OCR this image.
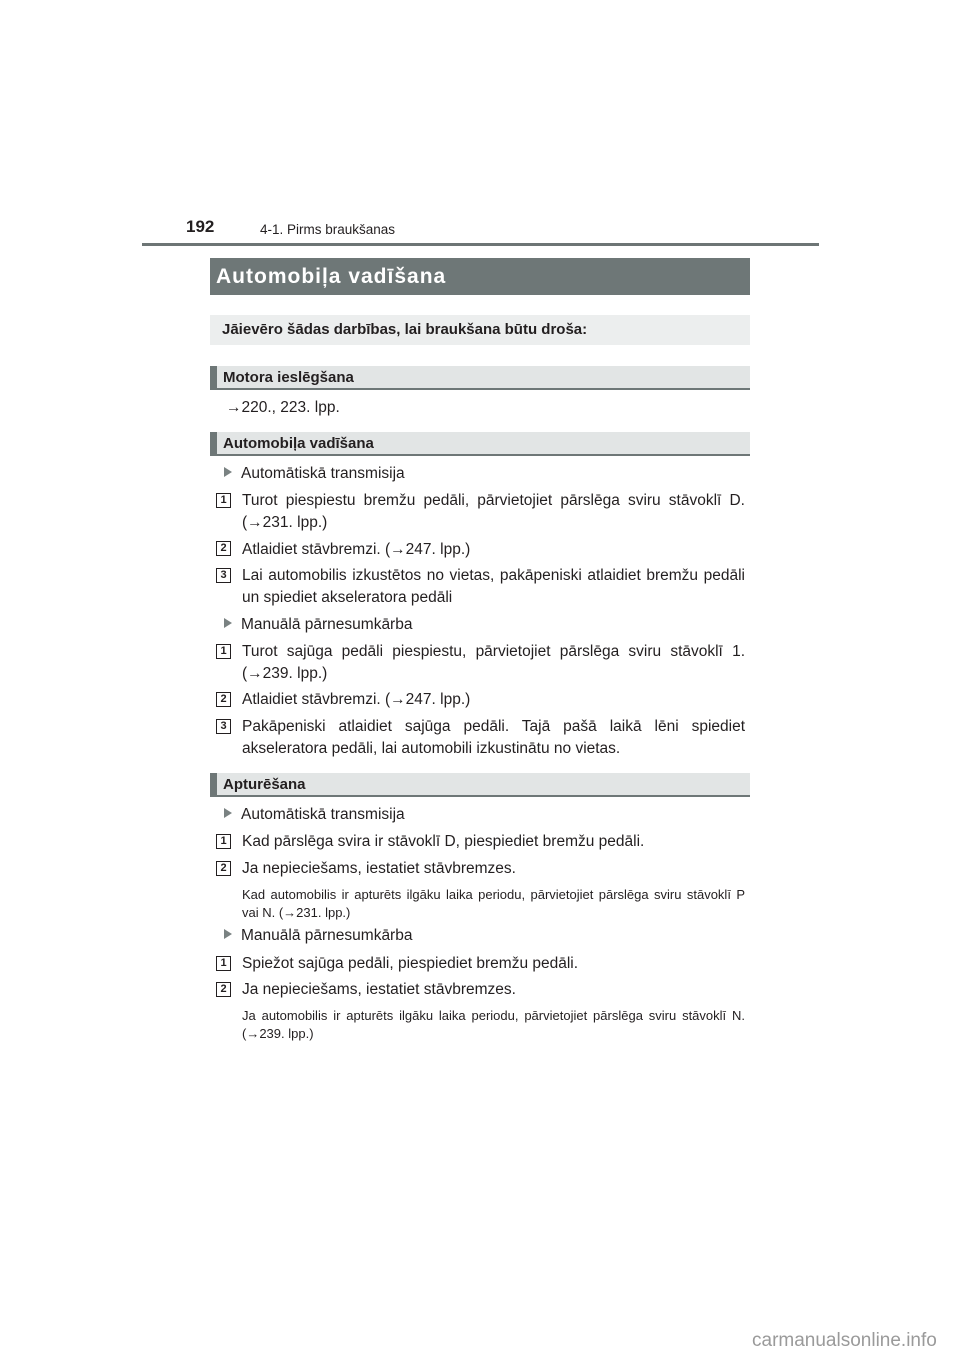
192	4-1. Pirms braukšanas
Automobiļa vadīšana
Jāievēro šādas darbības, lai braukšana būtu droša:
Motora ieslēgšana
→220., 223. lpp.
Automobiļa vadīšana
Automātiskā transmisija
1 Turot piespiestu bremžu pedāli, pārvietojiet pārslēga sviru stāvoklī D. (→231. lpp.)
2 Atlaidiet stāvbremzi. (→247. lpp.)
3 Lai automobilis izkustētos no vietas, pakāpeniski atlaidiet bremžu pedāli un spiediet akseleratora pedāli
Manuālā pārnesumkārba
1 Turot sajūga pedāli piespiestu, pārvietojiet pārslēga sviru stāvoklī 1. (→239. lpp.)
2 Atlaidiet stāvbremzi. (→247. lpp.)
3 Pakāpeniski atlaidiet sajūga pedāli. Tajā pašā laikā lēni spiediet akseleratora pedāli, lai automobili izkustinātu no vietas.
Apturēšana
Automātiskā transmisija
1 Kad pārslēga svira ir stāvoklī D, piespiediet bremžu pedāli.
2 Ja nepieciešams, iestatiet stāvbremzes.
Kad automobilis ir apturēts ilgāku laika periodu, pārvietojiet pārslēga sviru stāvoklī P vai N. (→231. lpp.)
Manuālā pārnesumkārba
1 Spiežot sajūga pedāli, piespiediet bremžu pedāli.
2 Ja nepieciešams, iestatiet stāvbremzes.
Ja automobilis ir apturēts ilgāku laika periodu, pārvietojiet pārslēga sviru stāvoklī N. (→239. lpp.)
carmanualsonline.info
